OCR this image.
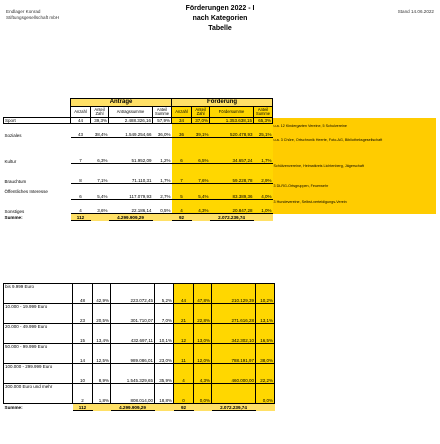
Endlager Konrad
Stiftungsgesellschaft mbH
Förderungen 2022 - I
nach Kategorien
Tabelle
Stand 14.06.2022
	Anträge				Förderung				
	Anzahl	Anteil Zahl	Antragssumme	Anteil Summe	Anzahl	Anteil Zahl	Fördersumme	Anteil Summe	
Sport	44	39,3%	2.488.326,16	57,9%	34	37,0%	1.353.638,15	65,3%	
Soziales	43	38,4%	1.549.254,66	36,0%	36	39,1%	520.478,93	25,1%	u.a. 12 Kindergarten Vereine, 5 Schulvereine
Kultur	7	6,3%	51.952,09	1,2%	6	6,5%	34.657,24	1,7%	u.a. 3 Chöre, Ortschronik Heerte, Foto-AG, Bibliotheksgesellschaft
Brauchtum	8	7,1%	71.110,31	1,7%	7	7,6%	59.228,78	2,9%	Schützenvereine, Heimatkreis Lichtenberg, Jägerschaft
Öffentliches Interesse	6	5,4%	117.079,93	2,7%	5	5,4%	83.389,36	4,0%	3 DLRG-Ortsgruppen, Feuerwehr
Sonstiges	4	3,6%	22.186,14	0,5%	4	4,3%	20.847,28	1,0%	3 Hundevereine, Selbst-verteidigungs-Verein
Summe:	112		4.299.909,29		92		2.072.239,74		
bis 9.999 Euro	48	42,9%	223.072,45	5,2%	44	47,8%	210.129,39	10,2%
10.000 - 19.999 Euro	23	20,5%	301.710,07	7,0%	21	22,8%	271.616,28	13,1%
20.000 - 49.999 Euro	15	13,4%	432.697,11	10,1%	12	13,0%	342.302,10	16,5%
50.000 - 99.999 Euro	14	12,5%	989.086,01	23,0%	11	12,0%	788.191,97	38,0%
100.000 - 299.999 Euro	10	8,9%	1.545.329,65	35,9%	4	4,3%	460.000,00	22,2%
300.000 Euro und mehr	2	1,8%	808.014,00	18,8%	0	0,0%		0,0%
Summe:	112		4.299.909,29		92		2.072.239,74	
